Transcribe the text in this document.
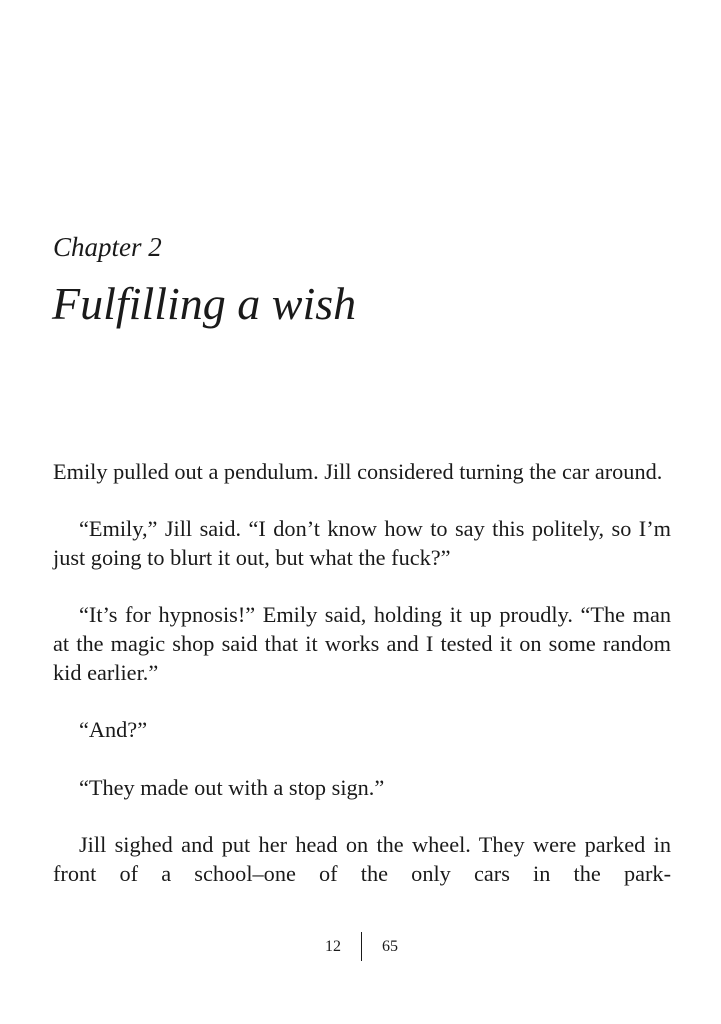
Chapter 2
Fulfilling a wish

Emily pulled out a pendulum. Jill considered turning the car around.

“Emily,” Jill said. “I don’t know how to say this politely, so I’m just going to blurt it out, but what the fuck?”

“It’s for hypnosis!” Emily said, holding it up proudly. “The man at the magic shop said that it works and I tested it on some random kid earlier.”

“And?”

“They made out with a stop sign.”

Jill sighed and put her head on the wheel. They were parked in front of a school–one of the only cars in the park-

12	65
